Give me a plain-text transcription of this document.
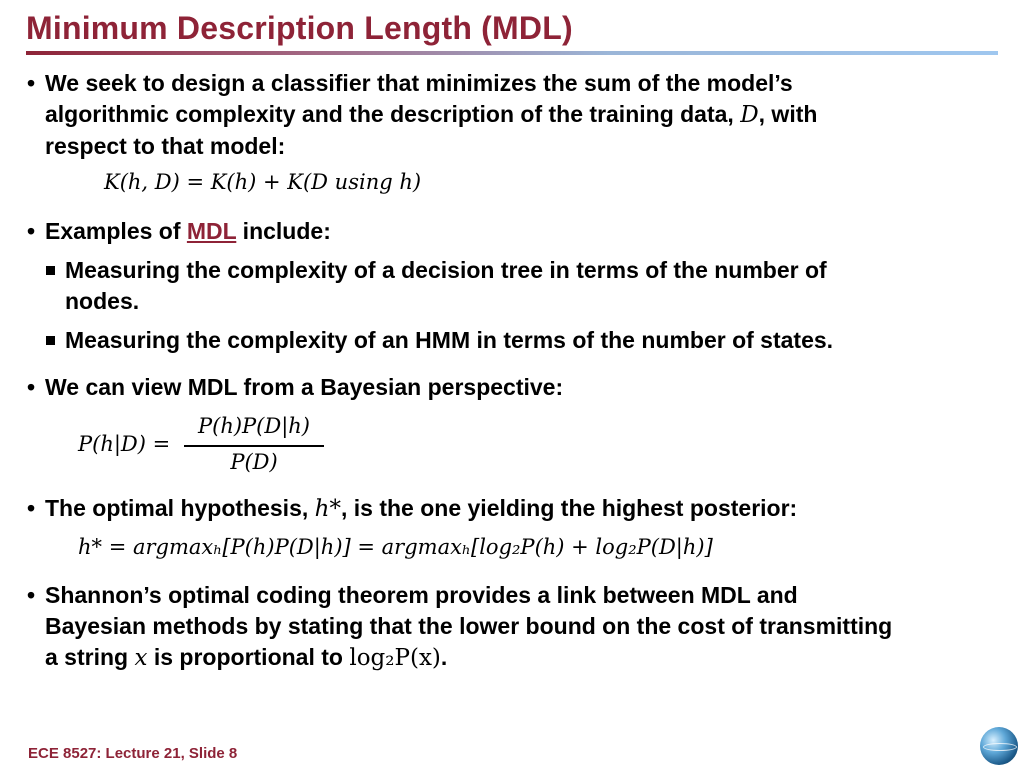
Minimum Description Length (MDL)
• We seek to design a classifier that minimizes the sum of the model’s
algorithmic complexity and the description of the training data, D, with
respect to that model:
K(h, D) = K(h) + K(D using h)
• Examples of MDL include:
Measuring the complexity of a decision tree in terms of the number of
nodes.
Measuring the complexity of an HMM in terms of the number of states.
• We can view MDL from a Bayesian perspective:
P(h|D) =
P(h)P(D|h)
P(D)
• The optimal hypothesis, h*, is the one yielding the highest posterior:
h* = argmaxₕ[P(h)P(D|h)] = argmaxₕ[log₂P(h) + log₂P(D|h)]
• Shannon’s optimal coding theorem provides a link between MDL and
Bayesian methods by stating that the lower bound on the cost of transmitting
a string x is proportional to log₂P(x).
ECE 8527: Lecture 21, Slide 8
